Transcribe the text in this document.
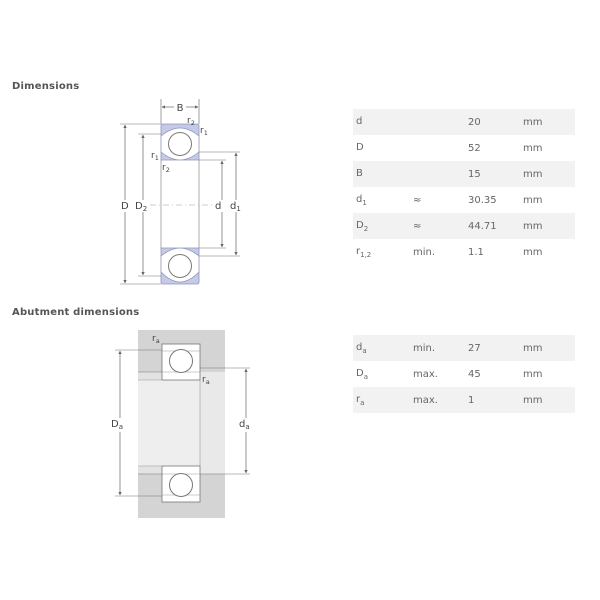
Dimensions
Abutment dimensions
B
D $D_2$	d $d_1$
$r_2$
$r_1$
$r_1$
$r_2$
$D_a$	$d_a$
$r_a$
$r_a$
d		20	mm
D		52	mm
B		15	mm
$d_1$	≈	30.35	mm
$D_2$	≈	44.71	mm
$r_{1,2}$	min.	1.1	mm
$d_a$	min.	27	mm
$D_a$	max.	45	mm
$r_a$	max.	1	mm
